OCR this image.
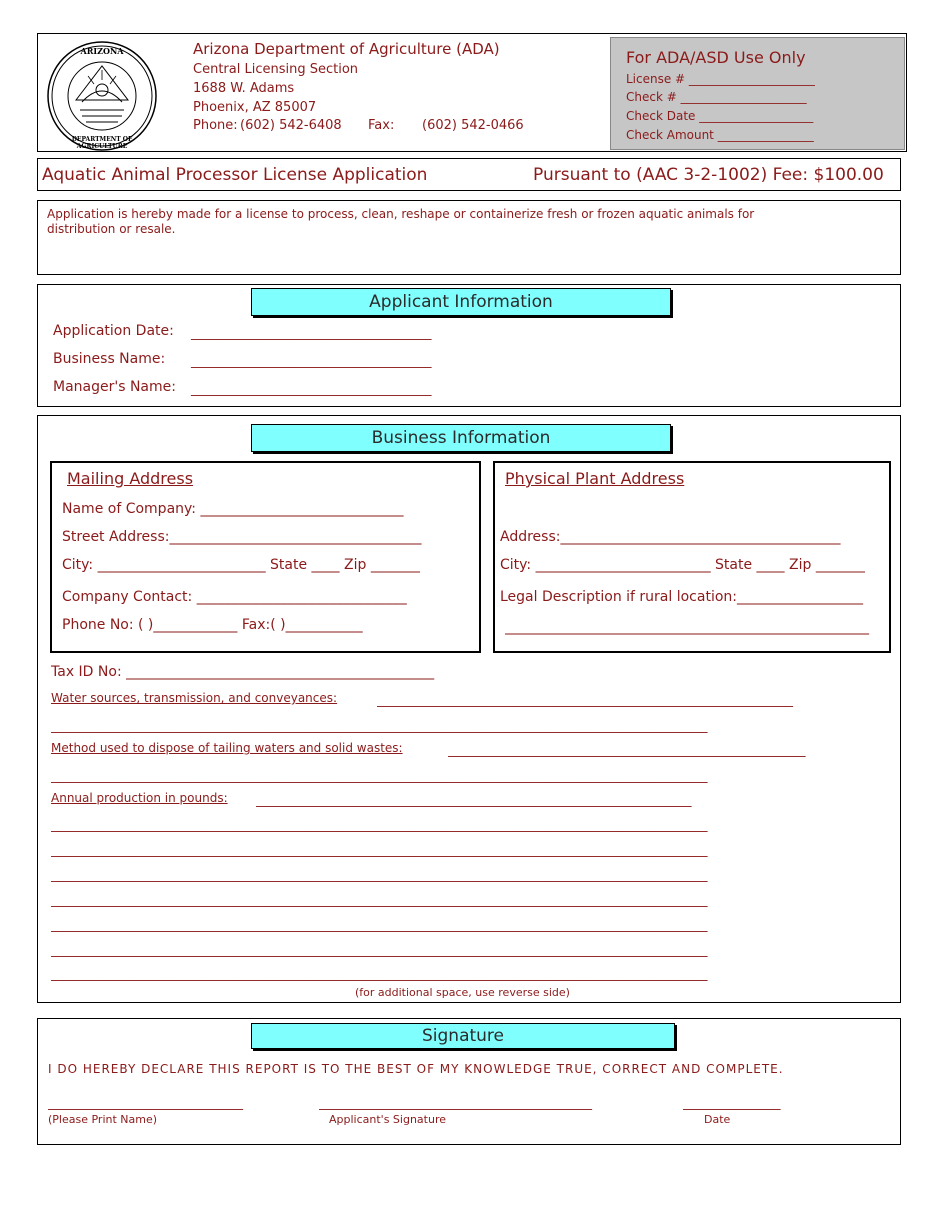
ARIZONA
DEPARTMENT OF AGRICULTURE
Arizona Department of Agriculture (ADA)
Central Licensing Section
1688 W. Adams
Phoenix, AZ 85007
Phone: (602) 542-6408 Fax: (602) 542-0466
For ADA/ASD Use Only
License # _____________________
Check # _____________________
Check Date ___________________
Check Amount ________________
Aquatic Animal Processor License Application	Pursuant to (AAC 3-2-1002) Fee: $100.00
Application is hereby made for a license to process, clean, reshape or containerize fresh or frozen aquatic animals for distribution or resale.
Applicant Information
Application Date: _____________________________________
Business Name: _____________________________________
Manager's Name: _____________________________________
Business Information
Mailing Address
Name of Company: _____________________________
Street Address:____________________________________
City: ________________________ State ____ Zip _______
Company Contact: ______________________________
Phone No: ( )____________ Fax:( )___________
Physical Plant Address
Address:________________________________________
City: _________________________ State ____ Zip _______
Legal Description if rural location:__________________
____________________________________________________
Tax ID No: ____________________________________________
Water sources, transmission, and conveyances:	________________________________________________________________
_____________________________________________________________________________________________________
Method used to dispose of tailing waters and solid wastes:	_______________________________________________________
_____________________________________________________________________________________________________
Annual production in pounds: ___________________________________________________________________
_____________________________________________________________________________________________________
_____________________________________________________________________________________________________
_____________________________________________________________________________________________________
_____________________________________________________________________________________________________
_____________________________________________________________________________________________________
_____________________________________________________________________________________________________
_____________________________________________________________________________________________________
(for additional space, use reverse side)
Signature
I DO HEREBY DECLARE THIS REPORT IS TO THE BEST OF MY KNOWLEDGE TRUE, CORRECT AND COMPLETE.
______________________________	__________________________________________	_______________
(Please Print Name)	Applicant's Signature	Date
